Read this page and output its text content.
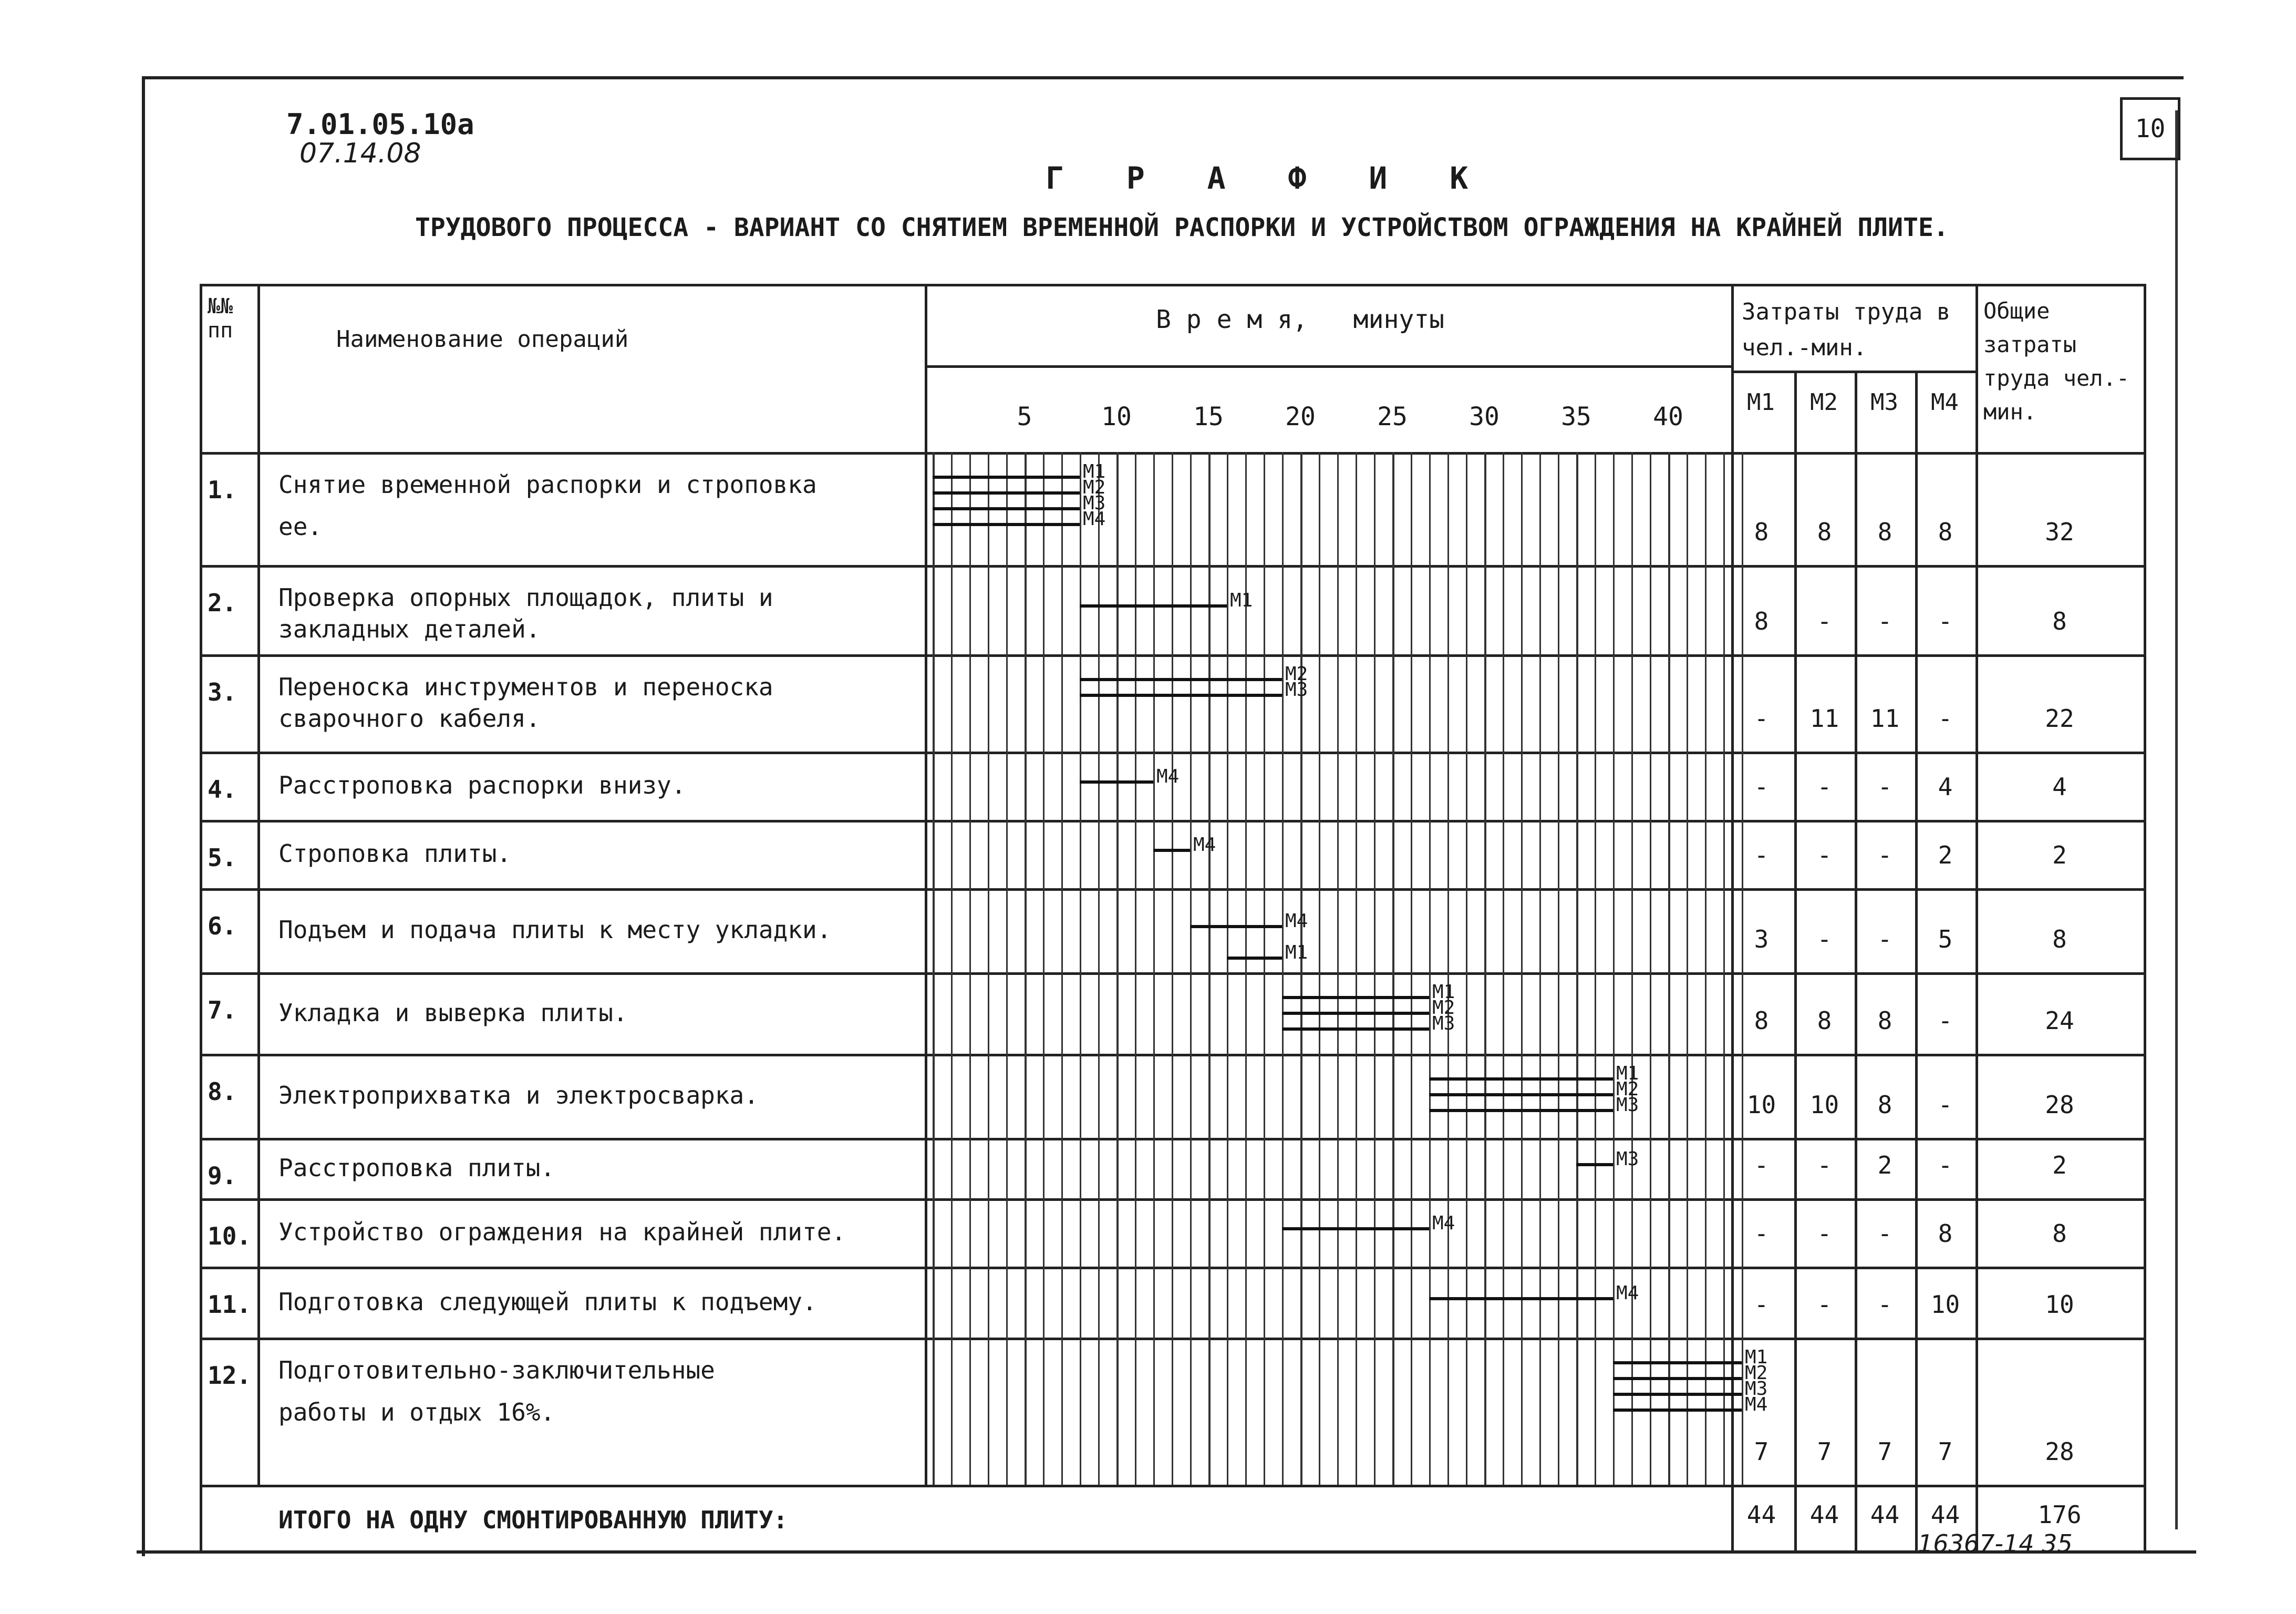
7.01.05.10a
07.14.08
10
Г Р А Ф И К
ТРУДОВОГО ПРОЦЕССА - ВАРИАНТ СО СНЯТИЕМ ВРЕМЕННОЙ РАСПОРКИ И УСТРОЙСТВОМ ОГРАЖДЕНИЯ НА КРАЙНЕЙ ПЛИТЕ.
№№ пп	Наименование операций
В р е м я,   минуты	Затраты труда в чел.-мин.
Общие затраты труда чел.-мин.
М1 М2 М3 М4
5	10 15 20 25 30 35 40
1. Снятие временной распорки и строповка
ее.	8	8	8	8	32
М1
М2
М3
М4
2. Проверка опорных площадок, плиты и
закладных деталей.	8	-	-	-	8
М1
3. Переноска инструментов и переноска
сварочного кабеля.	-	11	11	-	22
М2
М3
4. Расстроповка распорки внизу.	-	-	-	4	4
М4
5. Строповка плиты.	-	-	-	2	2
М4
6. Подъем и подача плиты к месту укладки.	3	-	-	5	8
М4
М1
7. Укладка и выверка плиты.	8	8	8	-	24
М1
М2
М3
8. Электроприхватка и электросварка.	10	10	8	-	28
М1
М2
М3
9. Расстроповка плиты.	-	-	2	-	2
М3
10. Устройство ограждения на крайней плите.	-	-	-	8	8
М4
11. Подготовка следующей плиты к подъему.	-	-	-	10	10
М4
12. Подготовительно-заключительные
работы и отдых 16%.
7	7	7	7	28
М1
М2
М3
М4
ИТОГО НА ОДНУ СМОНТИРОВАННУЮ ПЛИТУ:	44	44	44	44	176
16367-14 35
